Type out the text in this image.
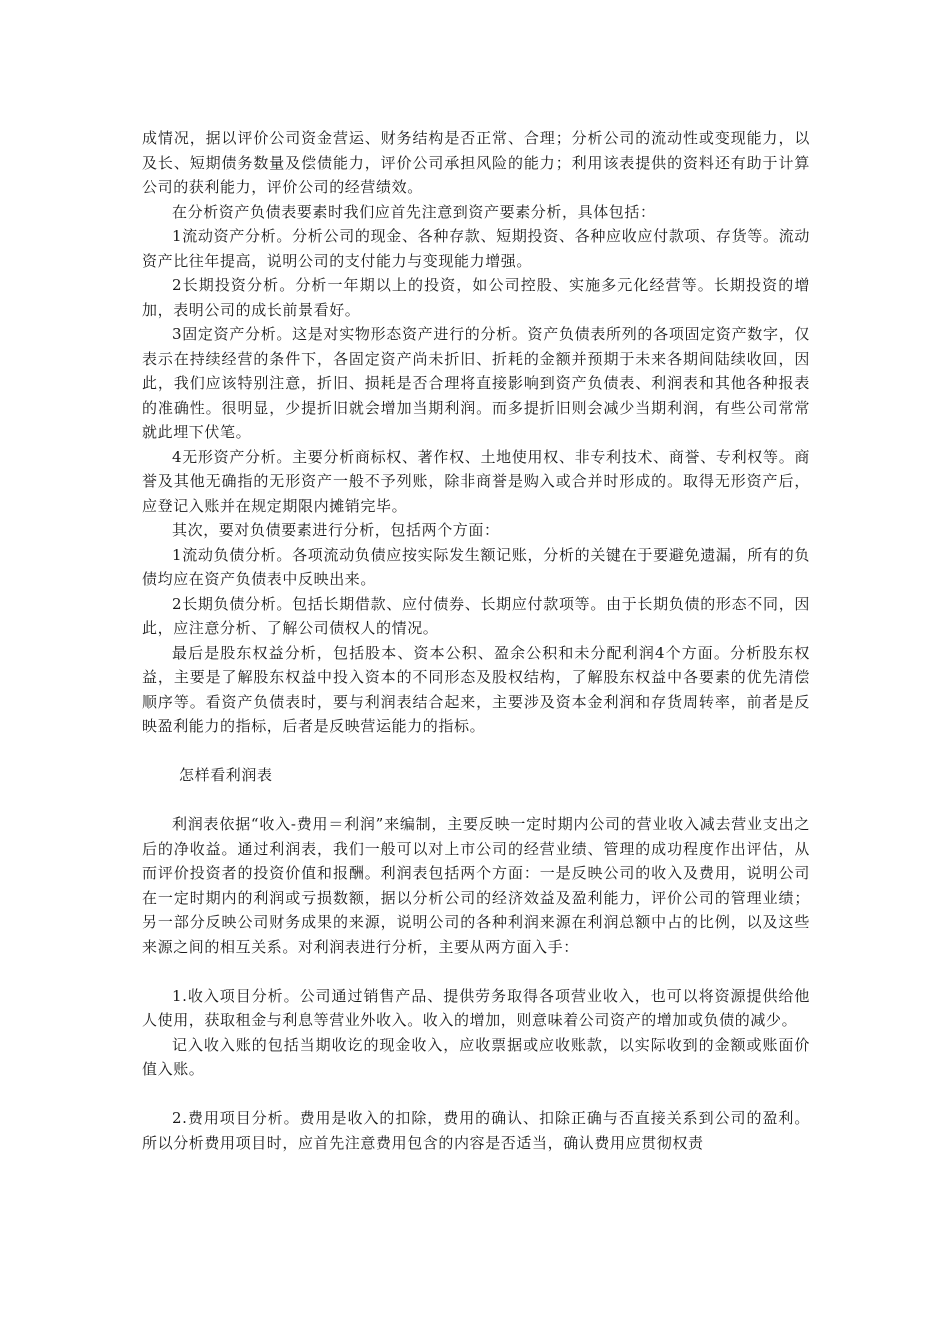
成情况，据以评价公司资金营运、财务结构是否正常、合理；分析公司的流动性或变现能力，以及长、短期债务数量及偿债能力，评价公司承担风险的能力；利用该表提供的资料还有助于计算公司的获利能力，评价公司的经营绩效。

在分析资产负债表要素时我们应首先注意到资产要素分析，具体包括：

1流动资产分析。分析公司的现金、各种存款、短期投资、各种应收应付款项、存货等。流动资产比往年提高，说明公司的支付能力与变现能力增强。

2长期投资分析。分析一年期以上的投资，如公司控股、实施多元化经营等。长期投资的增加，表明公司的成长前景看好。

3固定资产分析。这是对实物形态资产进行的分析。资产负债表所列的各项固定资产数字，仅表示在持续经营的条件下，各固定资产尚未折旧、折耗的金额并预期于未来各期间陆续收回，因此，我们应该特别注意，折旧、损耗是否合理将直接影响到资产负债表、利润表和其他各种报表的准确性。很明显，少提折旧就会增加当期利润。而多提折旧则会减少当期利润，有些公司常常就此埋下伏笔。

4无形资产分析。主要分析商标权、著作权、土地使用权、非专利技术、商誉、专利权等。商誉及其他无确指的无形资产一般不予列账，除非商誉是购入或合并时形成的。取得无形资产后，应登记入账并在规定期限内摊销完毕。

其次，要对负债要素进行分析，包括两个方面：

1流动负债分析。各项流动负债应按实际发生额记账，分析的关键在于要避免遗漏，所有的负债均应在资产负债表中反映出来。

2长期负债分析。包括长期借款、应付债券、长期应付款项等。由于长期负债的形态不同，因此，应注意分析、了解公司债权人的情况。

最后是股东权益分析，包括股本、资本公积、盈余公积和未分配利润4个方面。分析股东权益，主要是了解股东权益中投入资本的不同形态及股权结构，了解股东权益中各要素的优先清偿顺序等。看资产负债表时，要与利润表结合起来，主要涉及资本金利润和存货周转率，前者是反映盈利能力的指标，后者是反映营运能力的指标。

怎样看利润表

利润表依据“收入-费用＝利润”来编制，主要反映一定时期内公司的营业收入减去营业支出之后的净收益。通过利润表，我们一般可以对上市公司的经营业绩、管理的成功程度作出评估，从而评价投资者的投资价值和报酬。利润表包括两个方面：一是反映公司的收入及费用，说明公司在一定时期内的利润或亏损数额，据以分析公司的经济效益及盈利能力，评价公司的管理业绩；另一部分反映公司财务成果的来源，说明公司的各种利润来源在利润总额中占的比例，以及这些来源之间的相互关系。对利润表进行分析，主要从两方面入手：

1.收入项目分析。公司通过销售产品、提供劳务取得各项营业收入，也可以将资源提供给他人使用，获取租金与利息等营业外收入。收入的增加，则意味着公司资产的增加或负债的减少。

记入收入账的包括当期收讫的现金收入，应收票据或应收账款，以实际收到的金额或账面价值入账。

2.费用项目分析。费用是收入的扣除，费用的确认、扣除正确与否直接关系到公司的盈利。所以分析费用项目时，应首先注意费用包含的内容是否适当，确认费用应贯彻权责
